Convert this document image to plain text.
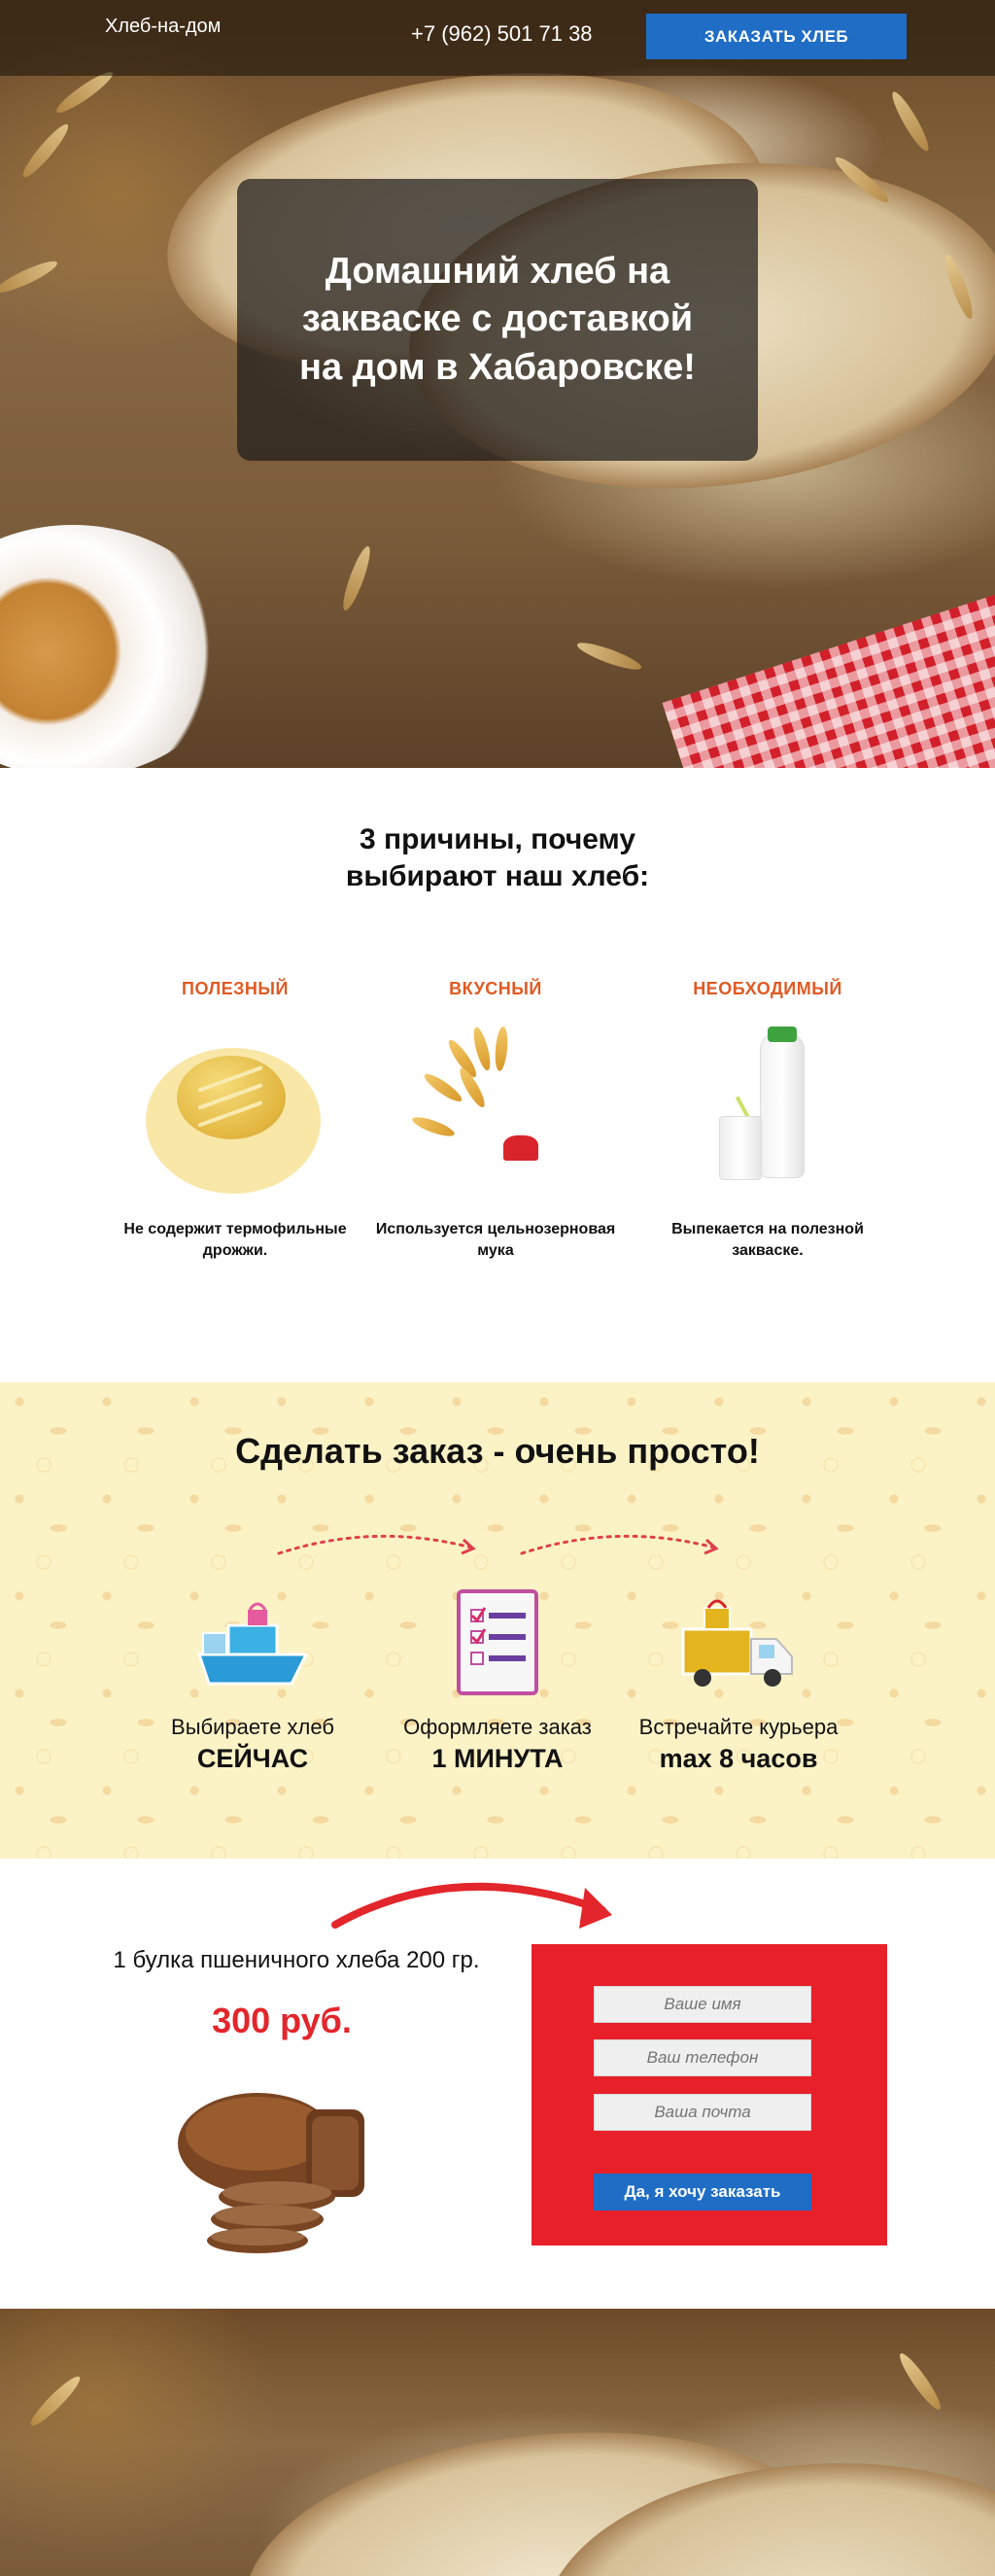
Хлеб-на-дом	+7 (962) 501 71 38	ЗАКАЗАТЬ ХЛЕБ
Домашний хлеб на закваске с доставкой на дом в Хабаровске!
3 причины, почему
выбирают наш хлеб:
ПОЛЕЗНЫЙ
Не содержит термофильные дрожжи.
ВКУСНЫЙ
Используется цельнозерновая мука
НЕОБХОДИМЫЙ
Выпекается на полезной закваске.
Сделать заказ - очень просто!
Выбираете хлеб
СЕЙЧАС
Оформляете заказ
1 МИНУТА
Встречайте курьера
max 8 часов
1 булка пшеничного хлеба 200 гр.
300 руб.
Ваше имя
Ваш телефон
Ваша почта
Да, я хочу заказать
